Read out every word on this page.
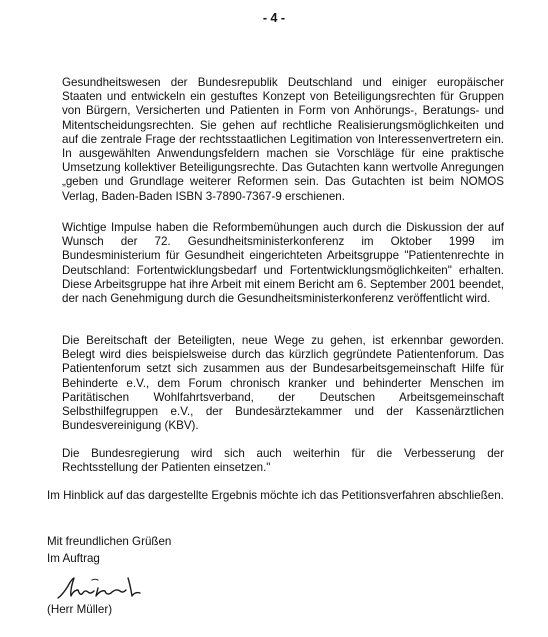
- 4 -

Gesundheitswesen der Bundesrepublik Deutschland und einiger europäischer Staaten und entwickeln ein gestuftes Konzept von Beteiligungsrechten für Gruppen von Bürgern, Versicherten und Patienten in Form von Anhörungs-, Beratungs- und Mitentscheidungsrechten. Sie gehen auf rechtliche Realisierungsmöglichkeiten und auf die zentrale Frage der rechtsstaatlichen Legitimation von Interessenvertretern ein. In ausgewählten Anwendungsfeldern machen sie Vorschläge für eine praktische Umsetzung kollektiver Beteiligungsrechte. Das Gutachten kann wertvolle Anregungen „geben und Grundlage weiterer Reformen sein. Das Gutachten ist beim NOMOS Verlag, Baden-Baden ISBN 3-7890-7367-9 erschienen.

Wichtige Impulse haben die Reformbemühungen auch durch die Diskussion der auf Wunsch der 72. Gesundheitsministerkonferenz im Oktober 1999 im Bundesministerium für Gesundheit eingerichteten Arbeitsgruppe "Patientenrechte in Deutschland: Fortentwicklungsbedarf und Fortentwicklungsmöglichkeiten" erhalten. Diese Arbeitsgruppe hat ihre Arbeit mit einem Bericht am 6. September 2001 beendet, der nach Genehmigung durch die Gesundheitsministerkonferenz veröffentlicht wird.

Die Bereitschaft der Beteiligten, neue Wege zu gehen, ist erkennbar geworden. Belegt wird dies beispielsweise durch das kürzlich gegründete Patientenforum. Das Patientenforum setzt sich zusammen aus der Bundesarbeitsgemeinschaft Hilfe für Behinderte e.V., dem Forum chronisch kranker und behinderter Menschen im Paritätischen Wohlfahrtsverband, der Deutschen Arbeitsgemeinschaft Selbsthilfegruppen e.V., der Bundesärztekammer und der Kassenärztlichen Bundesvereinigung (KBV).

Die Bundesregierung wird sich auch weiterhin für die Verbesserung der Rechtsstellung der Patienten einsetzen."

Im Hinblick auf das dargestellte Ergebnis möchte ich das Petitionsverfahren abschließen.

Mit freundlichen Grüßen
Im Auftrag
(Herr Müller)
